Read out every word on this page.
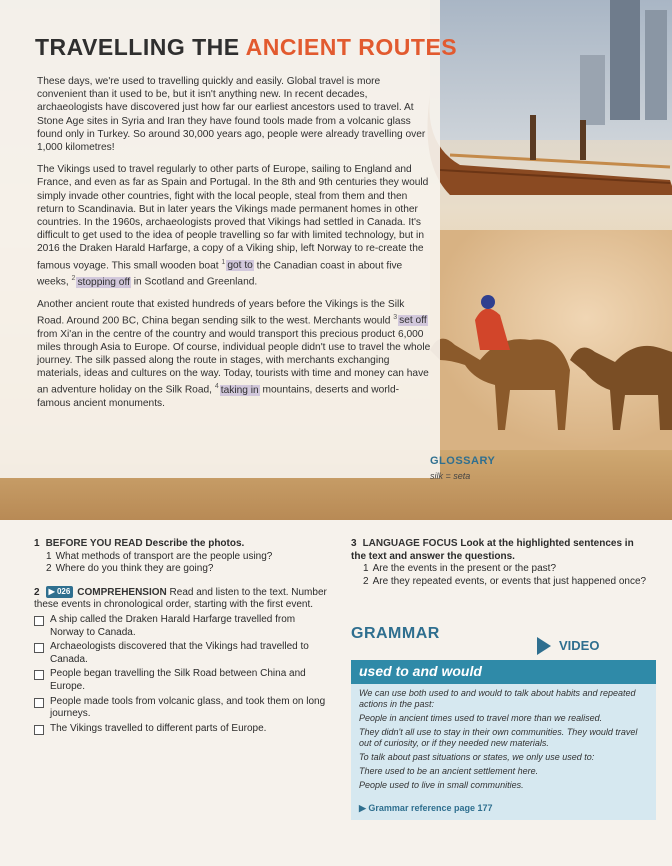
TRAVELLING THE ANCIENT ROUTES

These days, we're used to travelling quickly and easily. Global travel is more convenient than it used to be, but it isn't anything new. In recent decades, archaeologists have discovered just how far our earliest ancestors used to travel. At Stone Age sites in Syria and Iran they have found tools made from a volcanic glass found only in Turkey. So around 30,000 years ago, people were already travelling over 1,000 kilometres!

The Vikings used to travel regularly to other parts of Europe, sailing to England and France, and even as far as Spain and Portugal. In the 8th and 9th centuries they would simply invade other countries, fight with the local people, steal from them and then return to Scandinavia. But in later years the Vikings made permanent homes in other countries. In the 1960s, archaeologists proved that Vikings had settled in Canada. It's difficult to get used to the idea of people travelling so far with limited technology, but in 2016 the Draken Harald Harfarge, a copy of a Viking ship, left Norway to re-create the famous voyage. This small wooden boat $^1$ got to the Canadian coast in about five weeks, $^2$ stopping off in Scotland and Greenland.

Another ancient route that existed hundreds of years before the Vikings is the Silk Road. Around 200 BC, China began sending silk to the west. Merchants would $^3$ set off from Xi'an in the centre of the country and would transport this precious product 6,000 miles through Asia to Europe. Of course, individual people didn't use to travel the whole journey. The silk passed along the route in stages, with merchants exchanging materials, ideas and cultures on the way. Today, tourists with time and money can have an adventure holiday on the Silk Road, $^4$ taking in mountains, deserts and world-famous ancient monuments.

GLOSSARY
silk = seta
1 BEFORE YOU READ Describe the photos.
1 What methods of transport are the people using?
2 Where do you think they are going?
2 ▶ 026 COMPREHENSION Read and listen to the text. Number these events in chronological order, starting with the first event.
A ship called the Draken Harald Harfarge travelled from Norway to Canada.
Archaeologists discovered that the Vikings had travelled to Canada.
People began travelling the Silk Road between China and Europe.
People made tools from volcanic glass, and took them on long journeys.
The Vikings travelled to different parts of Europe.
3 LANGUAGE FOCUS Look at the highlighted sentences in the text and answer the questions.
1 Are the events in the present or the past?
2 Are they repeated events, or events that just happened once?
GRAMMAR
VIDEO
used to and would

We can use both used to and would to talk about habits and repeated actions in the past:

People in ancient times used to travel more than we realised.

They didn't all use to stay in their own communities. They would travel out of curiosity, or if they needed new materials.

To talk about past situations or states, we only use used to:

There used to be an ancient settlement here.

People used to live in small communities.

▶ Grammar reference page 177
